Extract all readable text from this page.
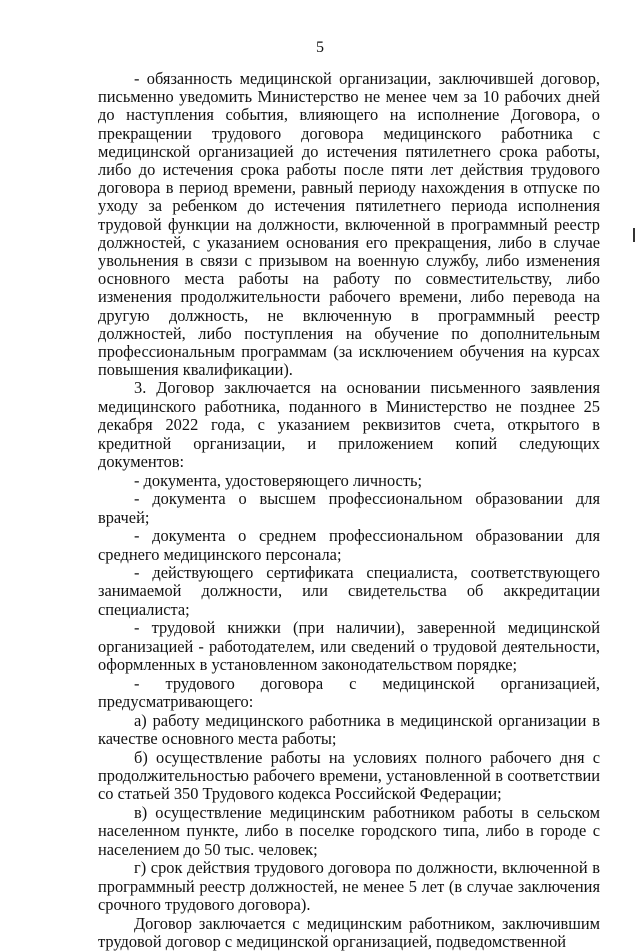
5

- обязанность медицинской организации, заключившей договор, письменно уведомить Министерство не менее чем за 10 рабочих дней до наступления события, влияющего на исполнение Договора, о прекращении трудового договора медицинского работника с медицинской организацией до истечения пятилетнего срока работы, либо до истечения срока работы после пяти лет действия трудового договора в период времени, равный периоду нахождения в отпуске по уходу за ребенком до истечения пятилетнего периода исполнения трудовой функции на должности, включенной в программный реестр должностей, с указанием основания его прекращения, либо в случае увольнения в связи с призывом на военную службу, либо изменения основного места работы на работу по совместительству, либо изменения продолжительности рабочего времени, либо перевода на другую должность, не включенную в программный реестр должностей, либо поступления на обучение по дополнительным профессиональным программам (за исключением обучения на курсах повышения квалификации).

3. Договор заключается на основании письменного заявления медицинского работника, поданного в Министерство не позднее 25 декабря 2022 года, с указанием реквизитов счета, открытого в кредитной организации, и приложением копий следующих документов:

- документа, удостоверяющего личность;

- документа о высшем профессиональном образовании для врачей;

- документа о среднем профессиональном образовании для среднего медицинского персонала;

- действующего сертификата специалиста, соответствующего занимаемой должности, или свидетельства об аккредитации специалиста;

- трудовой книжки (при наличии), заверенной медицинской организацией - работодателем, или сведений о трудовой деятельности, оформленных в установленном законодательством порядке;

- трудового договора с медицинской организацией, предусматривающего:

а) работу медицинского работника в медицинской организации в качестве основного места работы;

б) осуществление работы на условиях полного рабочего дня с продолжительностью рабочего времени, установленной в соответствии со статьей 350 Трудового кодекса Российской Федерации;

в) осуществление медицинским работником работы в сельском населенном пункте, либо в поселке городского типа, либо в городе с населением до 50 тыс. человек;

г) срок действия трудового договора по должности, включенной в программный реестр должностей, не менее 5 лет (в случае заключения срочного трудового договора).

Договор заключается с медицинским работником, заключившим трудовой договор с медицинской организацией, подведомственной
